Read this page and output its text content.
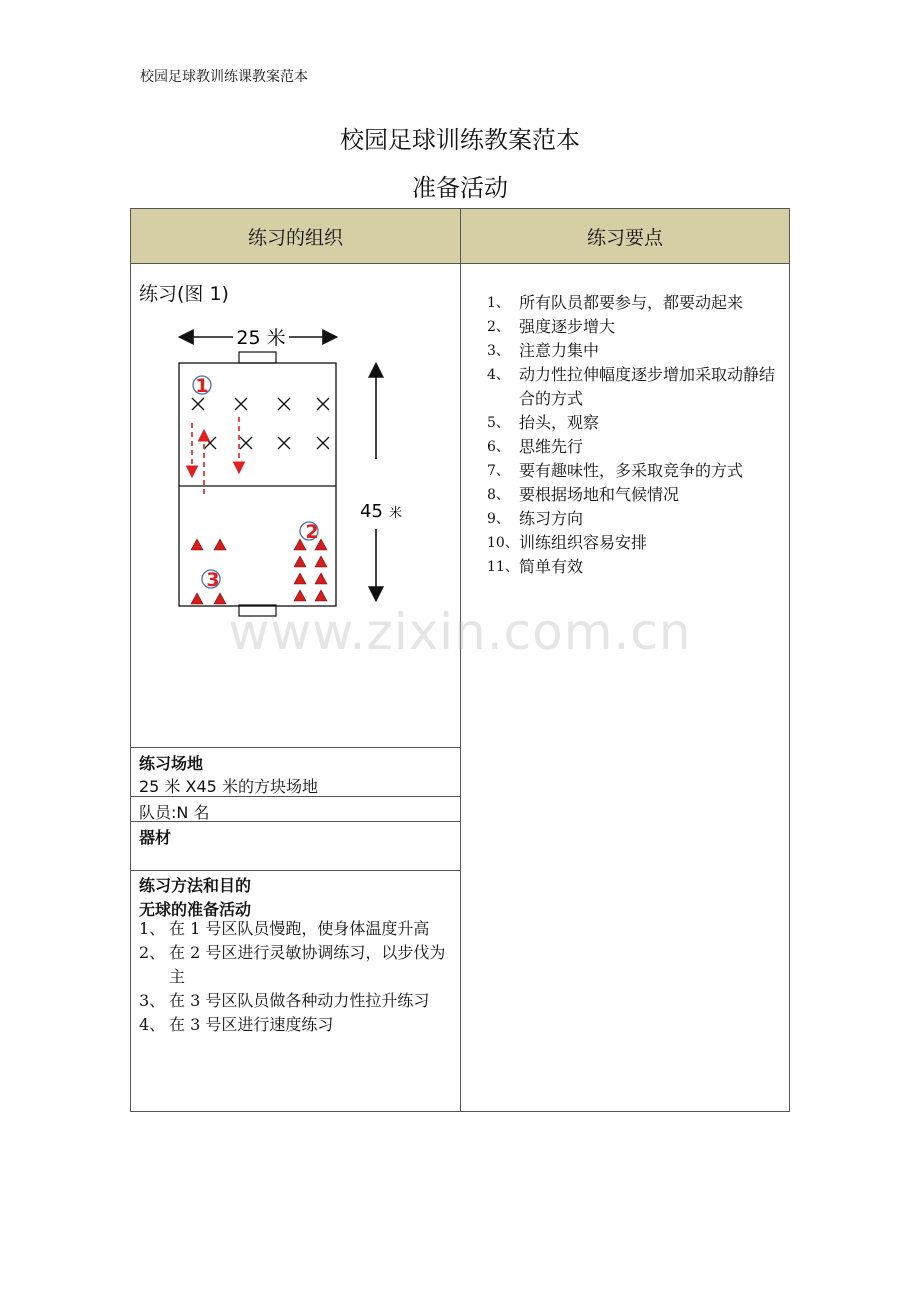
校园足球教训练课教案范本
校园足球训练教案范本
准备活动
练习的组织	练习要点
练习(图 1)
25 米
45 米
1
2
3
练习场地
25 米 X45 米的方块场地
队员:N 名
器材
练习方法和目的
无球的准备活动
1、 在 1 号区队员慢跑，使身体温度升高
2、 在 2 号区进行灵敏协调练习，以步伐为主
3、 在 3 号区队员做各种动力性拉升练习
4、 在 3 号区进行速度练习
1、 所有队员都要参与，都要动起来
2、 强度逐步增大
3、 注意力集中
4、 动力性拉伸幅度逐步增加采取动静结合的方式
5、 抬头，观察
6、 思维先行
7、 要有趣味性，多采取竞争的方式
8、 要根据场地和气候情况
9、 练习方向
10、 训练组织容易安排
11、 简单有效
www.zixin.com.cn
